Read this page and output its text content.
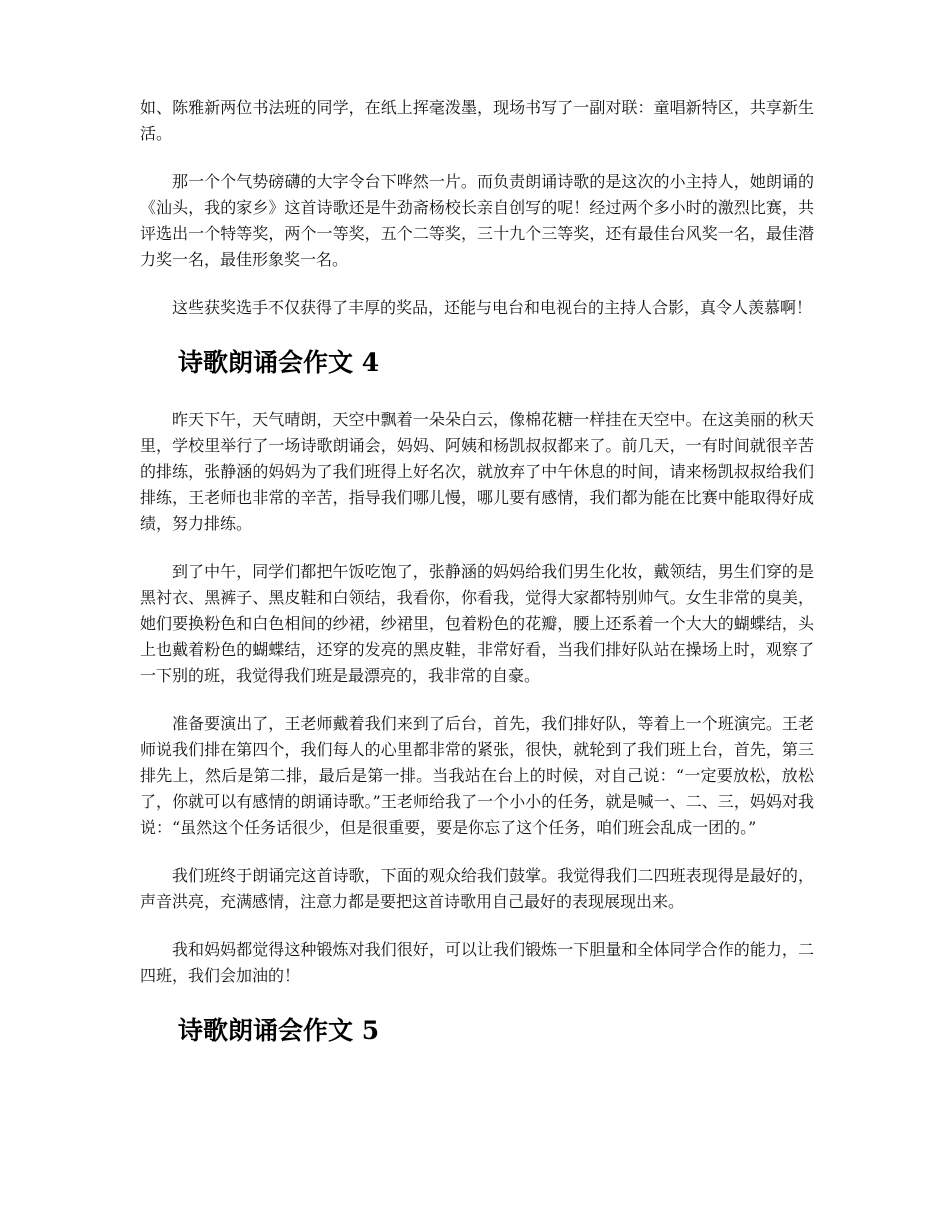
如、陈雅新两位书法班的同学，在纸上挥毫泼墨，现场书写了一副对联：童唱新特区，共享新生活。

那一个个气势磅礴的大字令台下哗然一片。而负责朗诵诗歌的是这次的小主持人，她朗诵的《汕头，我的家乡》这首诗歌还是牛劲斋杨校长亲自创写的呢！经过两个多小时的激烈比赛，共评选出一个特等奖，两个一等奖，五个二等奖，三十九个三等奖，还有最佳台风奖一名，最佳潜力奖一名，最佳形象奖一名。

这些获奖选手不仅获得了丰厚的奖品，还能与电台和电视台的主持人合影，真令人羡慕啊！

诗歌朗诵会作文 4

昨天下午，天气晴朗，天空中飘着一朵朵白云，像棉花糖一样挂在天空中。在这美丽的秋天里，学校里举行了一场诗歌朗诵会，妈妈、阿姨和杨凯叔叔都来了。前几天，一有时间就很辛苦的排练，张静涵的妈妈为了我们班得上好名次，就放弃了中午休息的时间，请来杨凯叔叔给我们排练，王老师也非常的辛苦，指导我们哪儿慢，哪儿要有感情，我们都为能在比赛中能取得好成绩，努力排练。

到了中午，同学们都把午饭吃饱了，张静涵的妈妈给我们男生化妆，戴领结，男生们穿的是黑衬衣、黑裤子、黑皮鞋和白领结，我看你，你看我，觉得大家都特别帅气。女生非常的臭美，她们要换粉色和白色相间的纱裙，纱裙里，包着粉色的花瓣，腰上还系着一个大大的蝴蝶结，头上也戴着粉色的蝴蝶结，还穿的发亮的黑皮鞋，非常好看，当我们排好队站在操场上时，观察了一下别的班，我觉得我们班是最漂亮的，我非常的自豪。

准备要演出了，王老师戴着我们来到了后台，首先，我们排好队，等着上一个班演完。王老师说我们排在第四个，我们每人的心里都非常的紧张，很快，就轮到了我们班上台，首先，第三排先上，然后是第二排，最后是第一排。当我站在台上的时候，对自己说：“一定要放松，放松了，你就可以有感情的朗诵诗歌。”王老师给我了一个小小的任务，就是喊一、二、三，妈妈对我说：“虽然这个任务话很少，但是很重要，要是你忘了这个任务，咱们班会乱成一团的。”

我们班终于朗诵完这首诗歌，下面的观众给我们鼓掌。我觉得我们二四班表现得是最好的，声音洪亮，充满感情，注意力都是要把这首诗歌用自己最好的表现展现出来。

我和妈妈都觉得这种锻炼对我们很好，可以让我们锻炼一下胆量和全体同学合作的能力，二四班，我们会加油的！

诗歌朗诵会作文 5
